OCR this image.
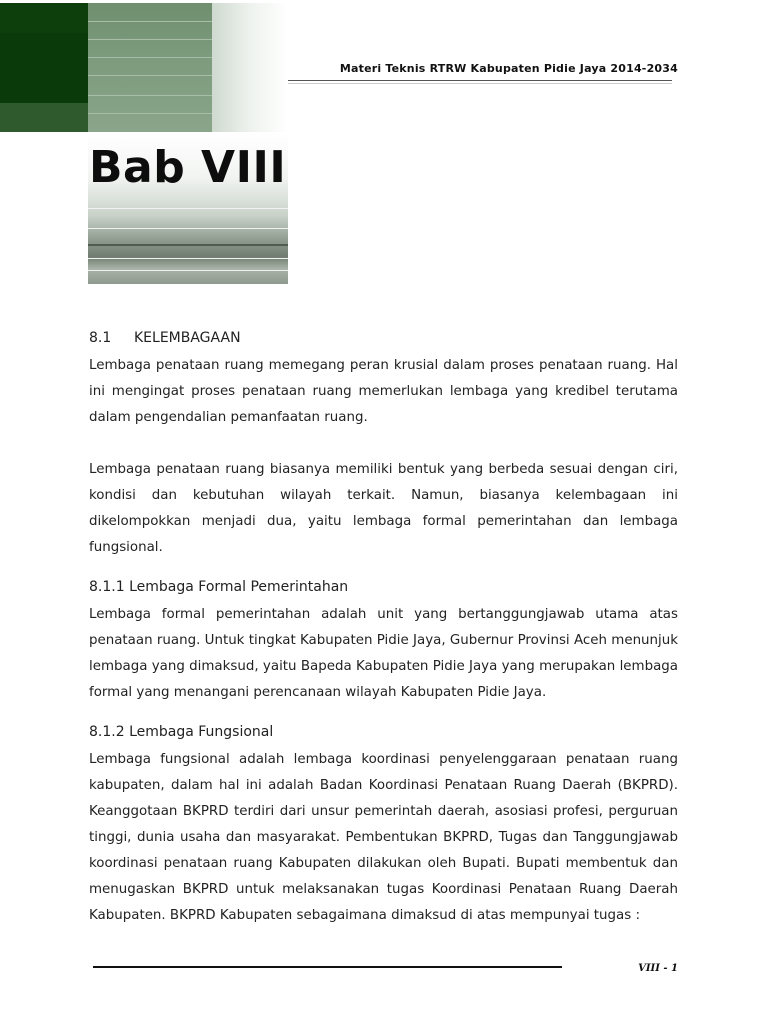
Materi Teknis RTRW Kabupaten Pidie Jaya 2014-2034
Bab VIII
8.1 KELEMBAGAAN

Lembaga penataan ruang memegang peran krusial dalam proses penataan ruang. Hal ini mengingat proses penataan ruang memerlukan lembaga yang kredibel terutama dalam pengendalian pemanfaatan ruang.

Lembaga penataan ruang biasanya memiliki bentuk yang berbeda sesuai dengan ciri, kondisi dan kebutuhan wilayah terkait. Namun, biasanya kelembagaan ini dikelompokkan menjadi dua, yaitu lembaga formal pemerintahan dan lembaga fungsional.

8.1.1 Lembaga Formal Pemerintahan

Lembaga formal pemerintahan adalah unit yang bertanggungjawab utama atas penataan ruang. Untuk tingkat Kabupaten Pidie Jaya, Gubernur Provinsi Aceh menunjuk lembaga yang dimaksud, yaitu Bapeda Kabupaten Pidie Jaya yang merupakan lembaga formal yang menangani perencanaan wilayah Kabupaten Pidie Jaya.

8.1.2 Lembaga Fungsional

Lembaga fungsional adalah lembaga koordinasi penyelenggaraan penataan ruang kabupaten, dalam hal ini adalah Badan Koordinasi Penataan Ruang Daerah (BKPRD). Keanggotaan BKPRD terdiri dari unsur pemerintah daerah, asosiasi profesi, perguruan tinggi, dunia usaha dan masyarakat. Pembentukan BKPRD, Tugas dan Tanggungjawab koordinasi penataan ruang Kabupaten dilakukan oleh Bupati. Bupati membentuk dan menugaskan BKPRD untuk melaksanakan tugas Koordinasi Penataan Ruang Daerah Kabupaten. BKPRD Kabupaten sebagaimana dimaksud di atas mempunyai tugas :

VIII - 1
